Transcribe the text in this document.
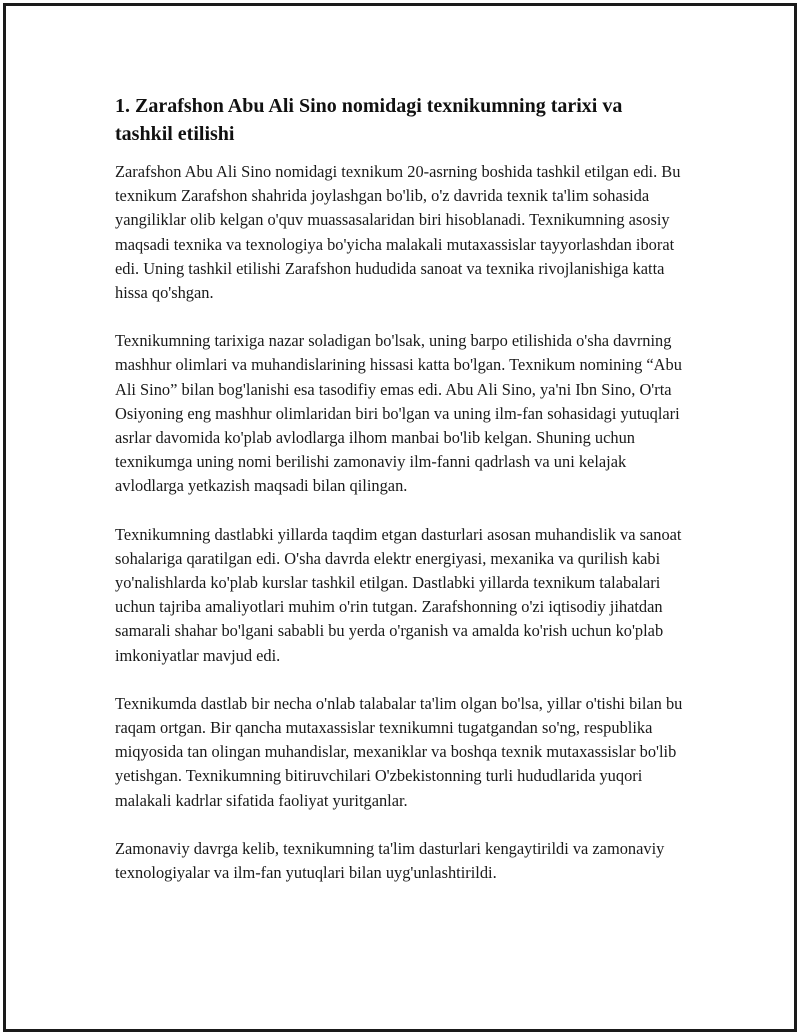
1. Zarafshon Abu Ali Sino nomidagi texnikumning tarixi va tashkil etilishi

Zarafshon Abu Ali Sino nomidagi texnikum 20-asrning boshida tashkil etilgan edi. Bu texnikum Zarafshon shahrida joylashgan bo'lib, o'z davrida texnik ta'lim sohasida yangiliklar olib kelgan o'quv muassasalaridan biri hisoblanadi. Texnikumning asosiy maqsadi texnika va texnologiya bo'yicha malakali mutaxassislar tayyorlashdan iborat edi. Uning tashkil etilishi Zarafshon hududida sanoat va texnika rivojlanishiga katta hissa qo'shgan.

Texnikumning tarixiga nazar soladigan bo'lsak, uning barpo etilishida o'sha davrning mashhur olimlari va muhandislarining hissasi katta bo'lgan. Texnikum nomining “Abu Ali Sino” bilan bog'lanishi esa tasodifiy emas edi. Abu Ali Sino, ya'ni Ibn Sino, O'rta Osiyoning eng mashhur olimlaridan biri bo'lgan va uning ilm-fan sohasidagi yutuqlari asrlar davomida ko'plab avlodlarga ilhom manbai bo'lib kelgan. Shuning uchun texnikumga uning nomi berilishi zamonaviy ilm-fanni qadrlash va uni kelajak avlodlarga yetkazish maqsadi bilan qilingan.

Texnikumning dastlabki yillarda taqdim etgan dasturlari asosan muhandislik va sanoat sohalariga qaratilgan edi. O'sha davrda elektr energiyasi, mexanika va qurilish kabi yo'nalishlarda ko'plab kurslar tashkil etilgan. Dastlabki yillarda texnikum talabalari uchun tajriba amaliyotlari muhim o'rin tutgan. Zarafshonning o'zi iqtisodiy jihatdan samarali shahar bo'lgani sababli bu yerda o'rganish va amalda ko'rish uchun ko'plab imkoniyatlar mavjud edi.

Texnikumda dastlab bir necha o'nlab talabalar ta'lim olgan bo'lsa, yillar o'tishi bilan bu raqam ortgan. Bir qancha mutaxassislar texnikumni tugatgandan so'ng, respublika miqyosida tan olingan muhandislar, mexaniklar va boshqa texnik mutaxassislar bo'lib yetishgan. Texnikumning bitiruvchilari O'zbekistonning turli hududlarida yuqori malakali kadrlar sifatida faoliyat yuritganlar.

Zamonaviy davrga kelib, texnikumning ta'lim dasturlari kengaytirildi va zamonaviy texnologiyalar va ilm-fan yutuqlari bilan uyg'unlashtirildi.
